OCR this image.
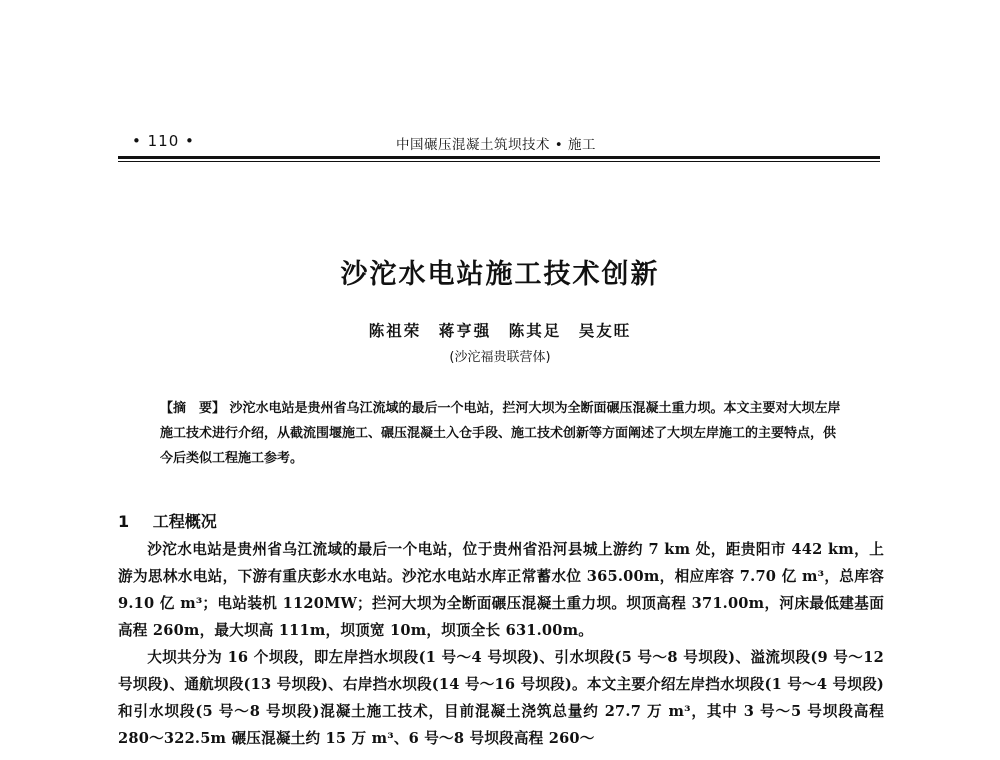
• 110 •	中国碾压混凝土筑坝技术 • 施工
沙沱水电站施工技术创新
陈祖荣　蒋亨强　陈其足　吴友旺
(沙沱福贵联营体)
【摘　要】 沙沱水电站是贵州省乌江流域的最后一个电站，拦河大坝为全断面碾压混凝土重力坝。本文主要对大坝左岸施工技术进行介绍，从截流围堰施工、碾压混凝土入仓手段、施工技术创新等方面阐述了大坝左岸施工的主要特点，供今后类似工程施工参考。
1 工程概况

沙沱水电站是贵州省乌江流域的最后一个电站，位于贵州省沿河县城上游约 7 km 处，距贵阳市 442 km，上游为思林水电站，下游有重庆彭水水电站。沙沱水电站水库正常蓄水位 365.00m，相应库容 7.70 亿 m³，总库容 9.10 亿 m³；电站装机 1120MW；拦河大坝为全断面碾压混凝土重力坝。坝顶高程 371.00m，河床最低建基面高程 260m，最大坝高 111m，坝顶宽 10m，坝顶全长 631.00m。

大坝共分为 16 个坝段，即左岸挡水坝段(1 号～4 号坝段)、引水坝段(5 号～8 号坝段)、溢流坝段(9 号～12 号坝段)、通航坝段(13 号坝段)、右岸挡水坝段(14 号～16 号坝段)。本文主要介绍左岸挡水坝段(1 号～4 号坝段)和引水坝段(5 号～8 号坝段)混凝土施工技术，目前混凝土浇筑总量约 27.7 万 m³，其中 3 号～5 号坝段高程 280～322.5m 碾压混凝土约 15 万 m³、6 号～8 号坝段高程 260～
